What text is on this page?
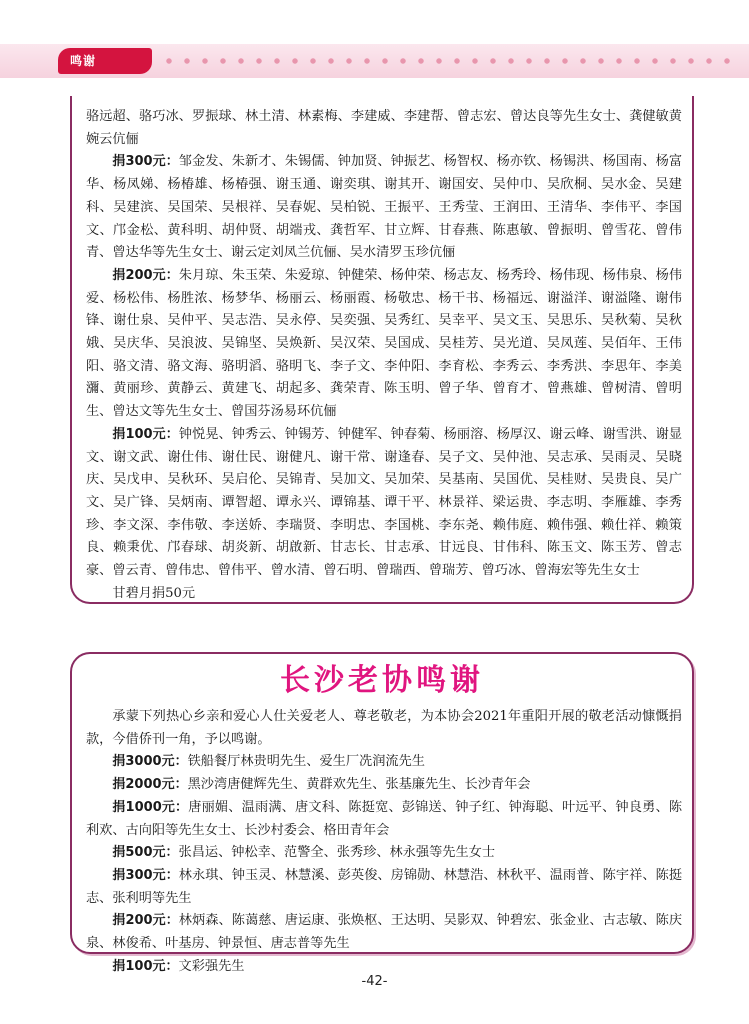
鸣谢

骆远超、骆巧冰、罗振球、林土清、林素梅、李建威、李建帮、曾志宏、曾达良等先生女士、龚健敏黄婉云伉俪

捐300元：邹金发、朱新才、朱锡儒、钟加贤、钟振艺、杨智权、杨亦钦、杨锡洪、杨国南、杨富华、杨凤娣、杨椿雄、杨椿强、谢玉通、谢奕琪、谢其开、谢国安、吴仲巾、吴欣桐、吴水金、吴建科、吴建滨、吴国荣、吴根祥、吴春妮、吴柏锐、王振平、王秀莹、王润田、王清华、李伟平、李国文、邝金松、黄科明、胡仲贤、胡端戎、龚哲军、甘立辉、甘春燕、陈惠敏、曾振明、曾雪花、曾伟青、曾达华等先生女士、谢云定刘凤兰伉俪、吴水清罗玉珍伉俪

捐200元：朱月琼、朱玉荣、朱爱琼、钟健荣、杨仲荣、杨志友、杨秀玲、杨伟现、杨伟泉、杨伟爱、杨松伟、杨胜浓、杨梦华、杨丽云、杨丽霞、杨敬忠、杨干书、杨福远、谢溢洋、谢溢隆、谢伟锋、谢仕泉、吴仲平、吴志浩、吴永停、吴奕强、吴秀红、吴幸平、吴文玉、吴思乐、吴秋菊、吴秋娥、吴庆华、吴浪波、吴锦坚、吴焕新、吴汉荣、吴国成、吴桂芳、吴光道、吴凤莲、吴佰年、王伟阳、骆文清、骆文海、骆明滔、骆明飞、李子文、李仲阳、李育松、李秀云、李秀洪、李思年、李美瀰、黄丽珍、黄静云、黄建飞、胡起多、龚荣青、陈玉明、曾子华、曾育才、曾燕雄、曾树清、曾明生、曾达文等先生女士、曾国芬汤易环伉俪

捐100元：钟悦晃、钟秀云、钟锡芳、钟健军、钟春菊、杨丽溶、杨厚汉、谢云峰、谢雪洪、谢显文、谢文武、谢仕伟、谢仕民、谢健凡、谢干常、谢逢春、吴子文、吴仲池、吴志承、吴雨灵、吴晓庆、吴戊申、吴秋环、吴启伦、吴锦青、吴加文、吴加荣、吴基南、吴国优、吴桂财、吴贵良、吴广文、吴广锋、吴炳南、谭智超、谭永兴、谭锦基、谭干平、林景祥、梁运贵、李志明、李雁雄、李秀珍、李文深、李伟敬、李送娇、李瑞贤、李明忠、李国桃、李东尧、赖伟庭、赖伟强、赖仕祥、赖策良、赖秉优、邝春球、胡炎新、胡啟新、甘志长、甘志承、甘远良、甘伟科、陈玉文、陈玉芳、曾志豪、曾云青、曾伟忠、曾伟平、曾水清、曾石明、曾瑞西、曾瑞芳、曾巧冰、曾海宏等先生女士

甘碧月捐50元

长沙老协鸣谢

承蒙下列热心乡亲和爱心人仕关爱老人、尊老敬老，为本协会2021年重阳开展的敬老活动慷慨捐款，今借侨刊一角，予以鸣谢。

捐3000元：铁船餐厅林贵明先生、爱生厂冼润流先生

捐2000元：黑沙湾唐健辉先生、黄群欢先生、张基廉先生、长沙青年会

捐1000元：唐丽媚、温雨满、唐文科、陈挺宽、彭锦送、钟子红、钟海聪、叶远平、钟良勇、陈利欢、古向阳等先生女士、长沙村委会、格田青年会

捐500元：张昌运、钟松幸、范警全、张秀珍、林永强等先生女士

捐300元：林永琪、钟玉灵、林慧溪、彭英俊、房锦勋、林慧浩、林秋平、温雨普、陈宇祥、陈挺志、张利明等先生

捐200元：林炳森、陈蔼慈、唐运康、张焕枢、王达明、吴影双、钟碧宏、张金业、古志敏、陈庆泉、林俊希、叶基房、钟景恒、唐志普等先生

捐100元：文彩强先生

-42-
